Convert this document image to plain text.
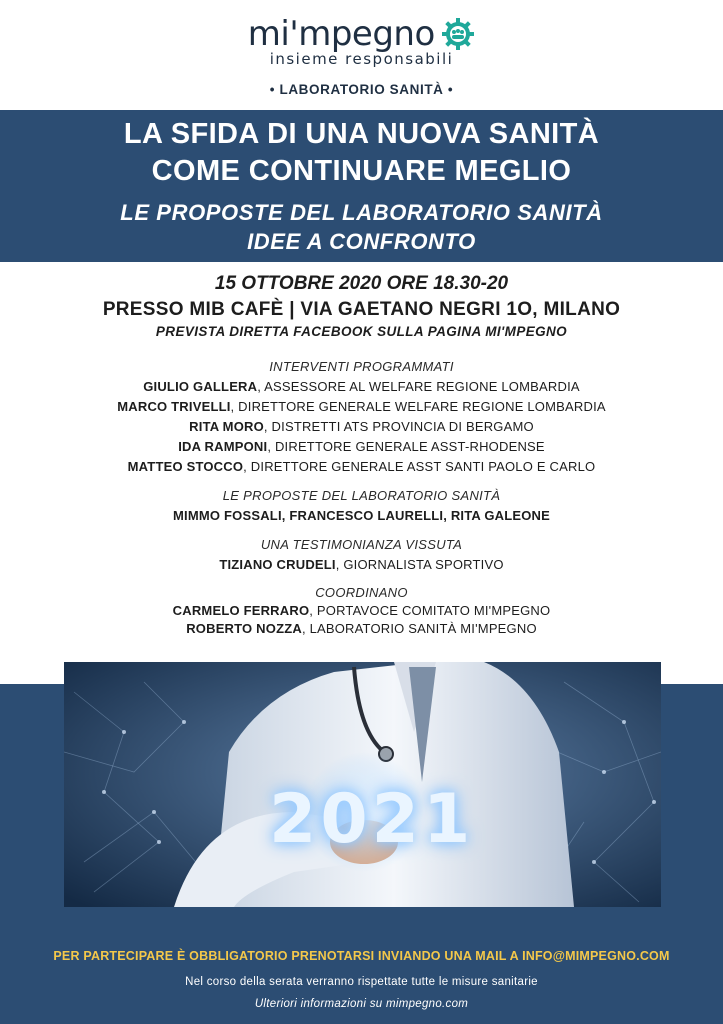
mi'mpegno
insieme responsabili
• LABORATORIO SANITÀ •
LA SFIDA DI UNA NUOVA SANITÀ
COME CONTINUARE MEGLIO
LE PROPOSTE DEL LABORATORIO SANITÀ
IDEE A CONFRONTO
15 OTTOBRE 2020 ORE 18.30-20
PRESSO MIB CAFÈ | VIA GAETANO NEGRI 1O, MILANO
PREVISTA DIRETTA FACEBOOK SULLA PAGINA MI'MPEGNO
INTERVENTI PROGRAMMATI
GIULIO GALLERA, ASSESSORE AL WELFARE REGIONE LOMBARDIA
MARCO TRIVELLI, DIRETTORE GENERALE WELFARE REGIONE LOMBARDIA
RITA MORO, DISTRETTI ATS PROVINCIA DI BERGAMO
IDA RAMPONI, DIRETTORE GENERALE ASST-RHODENSE
MATTEO STOCCO, DIRETTORE GENERALE ASST SANTI PAOLO E CARLO
LE PROPOSTE DEL LABORATORIO SANITÀ
MIMMO FOSSALI, FRANCESCO LAURELLI, RITA GALEONE
UNA TESTIMONIANZA VISSUTA
TIZIANO CRUDELI, GIORNALISTA SPORTIVO
COORDINANO
CARMELO FERRARO, PORTAVOCE COMITATO MI'MPEGNO
ROBERTO NOZZA, LABORATORIO SANITÀ MI'MPEGNO
2021
PER PARTECIPARE È OBBLIGATORIO PRENOTARSI INVIANDO UNA MAIL A INFO@MIMPEGNO.COM
Nel corso della serata verranno rispettate tutte le misure sanitarie
Ulteriori informazioni su mimpegno.com
